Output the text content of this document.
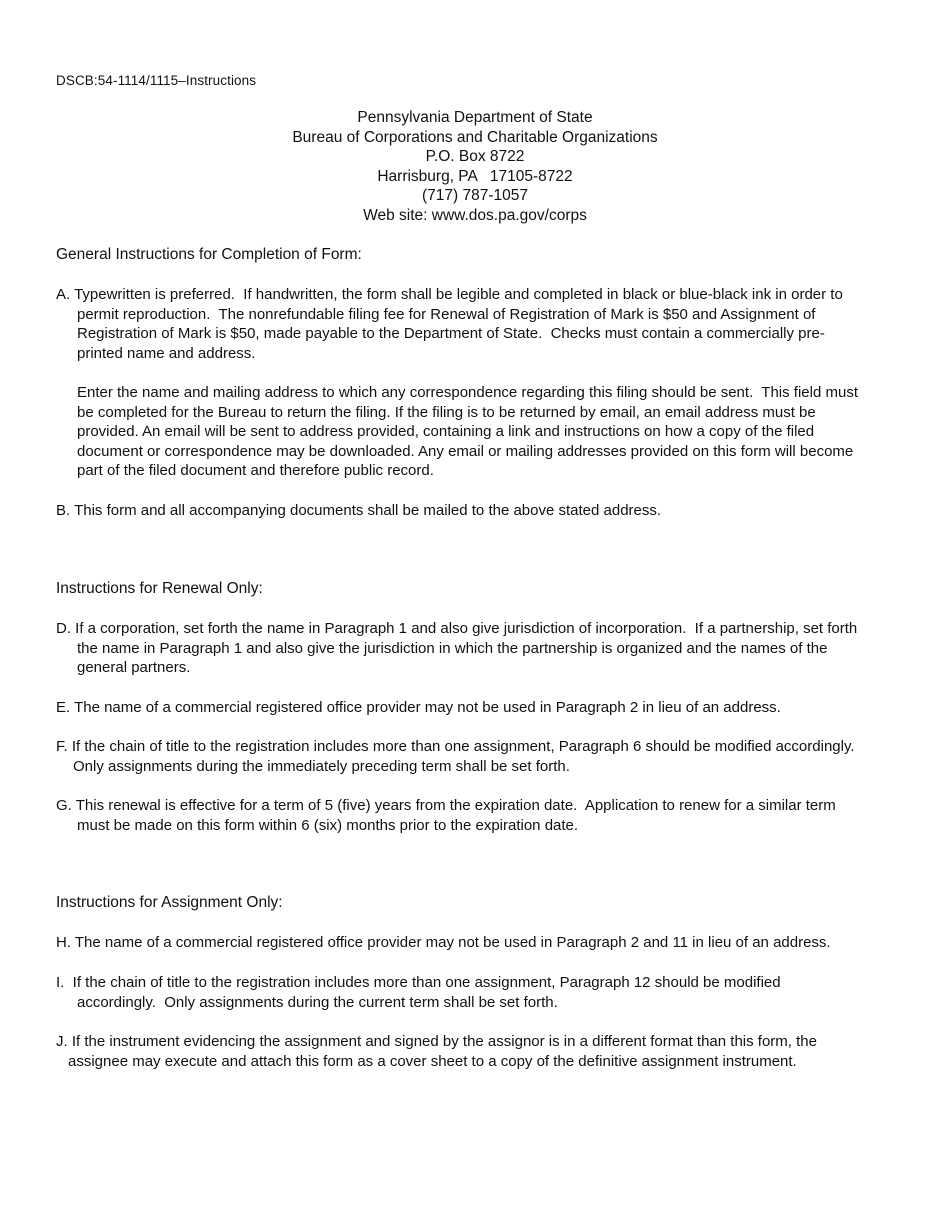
DSCB:54-1114/1115–Instructions
Pennsylvania Department of State
Bureau of Corporations and Charitable Organizations
P.O. Box 8722
Harrisburg, PA   17105-8722
(717) 787-1057
Web site: www.dos.pa.gov/corps
General Instructions for Completion of Form:
A. Typewritten is preferred.  If handwritten, the form shall be legible and completed in black or blue-black ink in order to
permit reproduction.  The nonrefundable filing fee for Renewal of Registration of Mark is $50 and Assignment of
Registration of Mark is $50, made payable to the Department of State.  Checks must contain a commercially pre-
printed name and address.
Enter the name and mailing address to which any correspondence regarding this filing should be sent.  This field must
be completed for the Bureau to return the filing. If the filing is to be returned by email, an email address must be
provided. An email will be sent to address provided, containing a link and instructions on how a copy of the filed
document or correspondence may be downloaded. Any email or mailing addresses provided on this form will become
part of the filed document and therefore public record.
B. This form and all accompanying documents shall be mailed to the above stated address.
Instructions for Renewal Only:
D. If a corporation, set forth the name in Paragraph 1 and also give jurisdiction of incorporation.  If a partnership, set forth
the name in Paragraph 1 and also give the jurisdiction in which the partnership is organized and the names of the
general partners.
E. The name of a commercial registered office provider may not be used in Paragraph 2 in lieu of an address.
F. If the chain of title to the registration includes more than one assignment, Paragraph 6 should be modified accordingly.
Only assignments during the immediately preceding term shall be set forth.
G. This renewal is effective for a term of 5 (five) years from the expiration date.  Application to renew for a similar term
must be made on this form within 6 (six) months prior to the expiration date.
Instructions for Assignment Only:
H. The name of a commercial registered office provider may not be used in Paragraph 2 and 11 in lieu of an address.
I.  If the chain of title to the registration includes more than one assignment, Paragraph 12 should be modified
accordingly.  Only assignments during the current term shall be set forth.
J. If the instrument evidencing the assignment and signed by the assignor is in a different format than this form, the
assignee may execute and attach this form as a cover sheet to a copy of the definitive assignment instrument.
